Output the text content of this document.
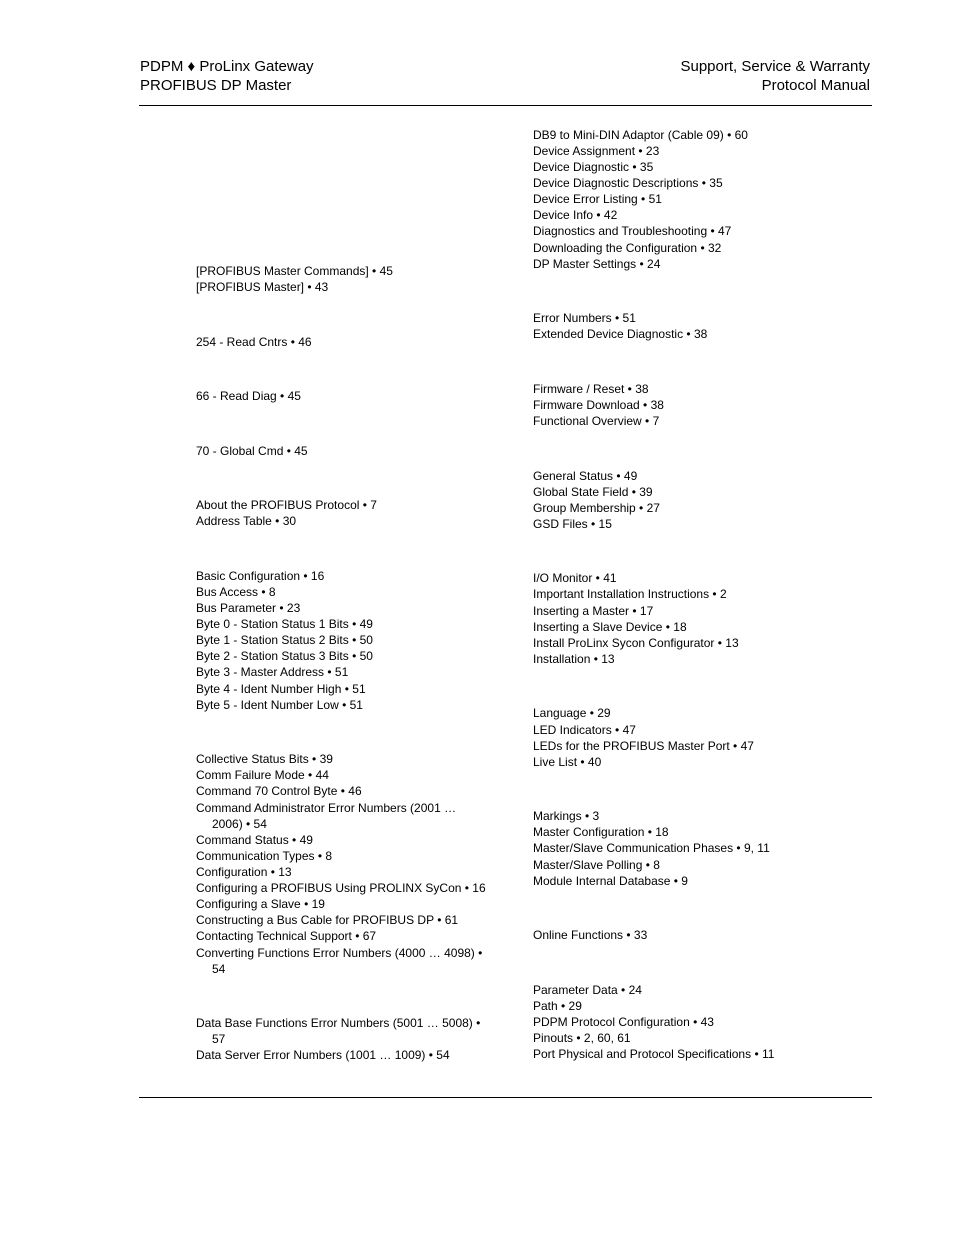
PDPM ♦ ProLinx Gateway
PROFIBUS DP Master
Support, Service & Warranty
Protocol Manual
[PROFIBUS Master Commands] • 45
[PROFIBUS Master] • 43
254 - Read Cntrs • 46
66 - Read Diag • 45
70 - Global Cmd • 45
About the PROFIBUS Protocol • 7
Address Table • 30
Basic Configuration • 16
Bus Access • 8
Bus Parameter • 23
Byte 0 - Station Status 1 Bits • 49
Byte 1 - Station Status 2 Bits • 50
Byte 2 - Station Status 3 Bits • 50
Byte 3 - Master Address • 51
Byte 4 - Ident Number High • 51
Byte 5 - Ident Number Low • 51
Collective Status Bits • 39
Comm Failure Mode • 44
Command 70 Control Byte • 46
Command Administrator Error Numbers (2001 …
2006) • 54
Command Status • 49
Communication Types • 8
Configuration • 13
Configuring a PROFIBUS Using PROLINX SyCon • 16
Configuring a Slave • 19
Constructing a Bus Cable for PROFIBUS DP • 61
Contacting Technical Support • 67
Converting Functions Error Numbers (4000 … 4098) •
54
Data Base Functions Error Numbers (5001 … 5008) •
57
Data Server Error Numbers (1001 … 1009) • 54
DB9 to Mini-DIN Adaptor (Cable 09) • 60
Device Assignment • 23
Device Diagnostic • 35
Device Diagnostic Descriptions • 35
Device Error Listing • 51
Device Info • 42
Diagnostics and Troubleshooting • 47
Downloading the Configuration • 32
DP Master Settings • 24
Error Numbers • 51
Extended Device Diagnostic • 38
Firmware / Reset • 38
Firmware Download • 38
Functional Overview • 7
General Status • 49
Global State Field • 39
Group Membership • 27
GSD Files • 15
I/O Monitor • 41
Important Installation Instructions • 2
Inserting a Master • 17
Inserting a Slave Device • 18
Install ProLinx Sycon Configurator • 13
Installation • 13
Language • 29
LED Indicators • 47
LEDs for the PROFIBUS Master Port • 47
Live List • 40
Markings • 3
Master Configuration • 18
Master/Slave Communication Phases • 9, 11
Master/Slave Polling • 8
Module Internal Database • 9
Online Functions • 33
Parameter Data • 24
Path • 29
PDPM Protocol Configuration • 43
Pinouts • 2, 60, 61
Port Physical and Protocol Specifications • 11
